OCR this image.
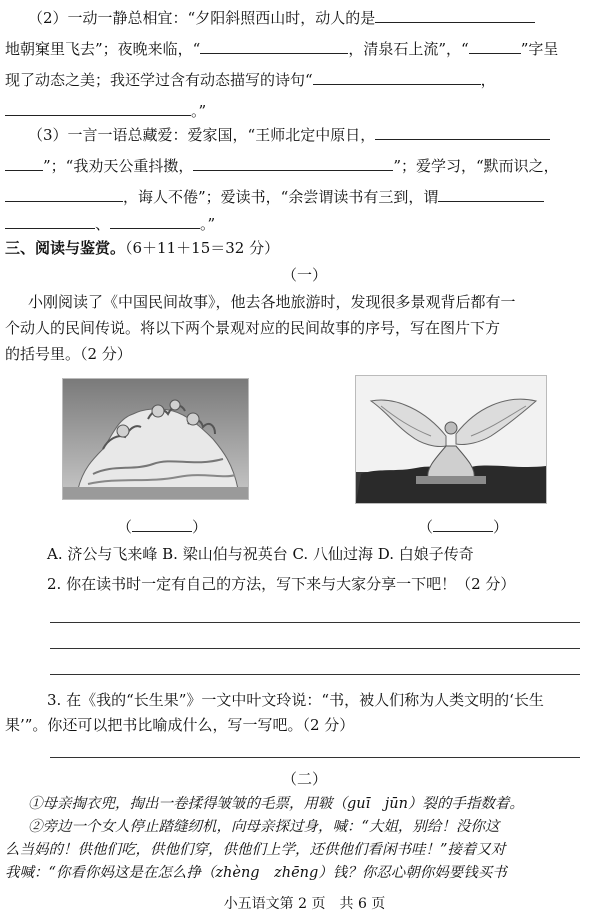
（2）一动一静总相宜：“夕阳斜照西山时，动人的是
地朝窠里飞去”；夜晚来临，“	，清泉石上流”，“	”字呈
现了动态之美；我还学过含有动态描写的诗句“	，
。”
（3）一言一语总藏爱：爱家国，“王师北定中原日，
”；“我劝天公重抖擞，	”；爱学习，“默而识之，
，诲人不倦”；爱读书，“余尝谓读书有三到，谓
、	。”
三、阅读与鉴赏。（6＋11＋15＝32 分）
（一）
小刚阅读了《中国民间故事》，他去各地旅游时，发现很多景观背后都有一
个动人的民间传说。将以下两个景观对应的民间故事的序号，写在图片下方
的括号里。（2 分）
（	）	（	）
A. 济公与飞来峰 B. 梁山伯与祝英台 C. 八仙过海 D. 白娘子传奇
2. 你在读书时一定有自己的方法，写下来与大家分享一下吧！（2 分）
3. 在《我的“长生果”》一文中叶文玲说：“书，被人们称为人类文明的‘长生
果’”。你还可以把书比喻成什么，写一写吧。（2 分）
（二）
①母亲掏衣兜，掏出一卷揉得皱皱的毛票，用皲（guī　jūn）裂的手指数着。
②旁边一个女人停止踏缝纫机，向母亲探过身，喊：“大姐，别给！没你这
么当妈的！供他们吃，供他们穿，供他们上学，还供他们看闲书哇！”接着又对
我喊：“你看你妈这是在怎么挣（zhèng　zhēng）钱？你忍心朝你妈要钱买书
小五语文第 2 页　共 6 页
